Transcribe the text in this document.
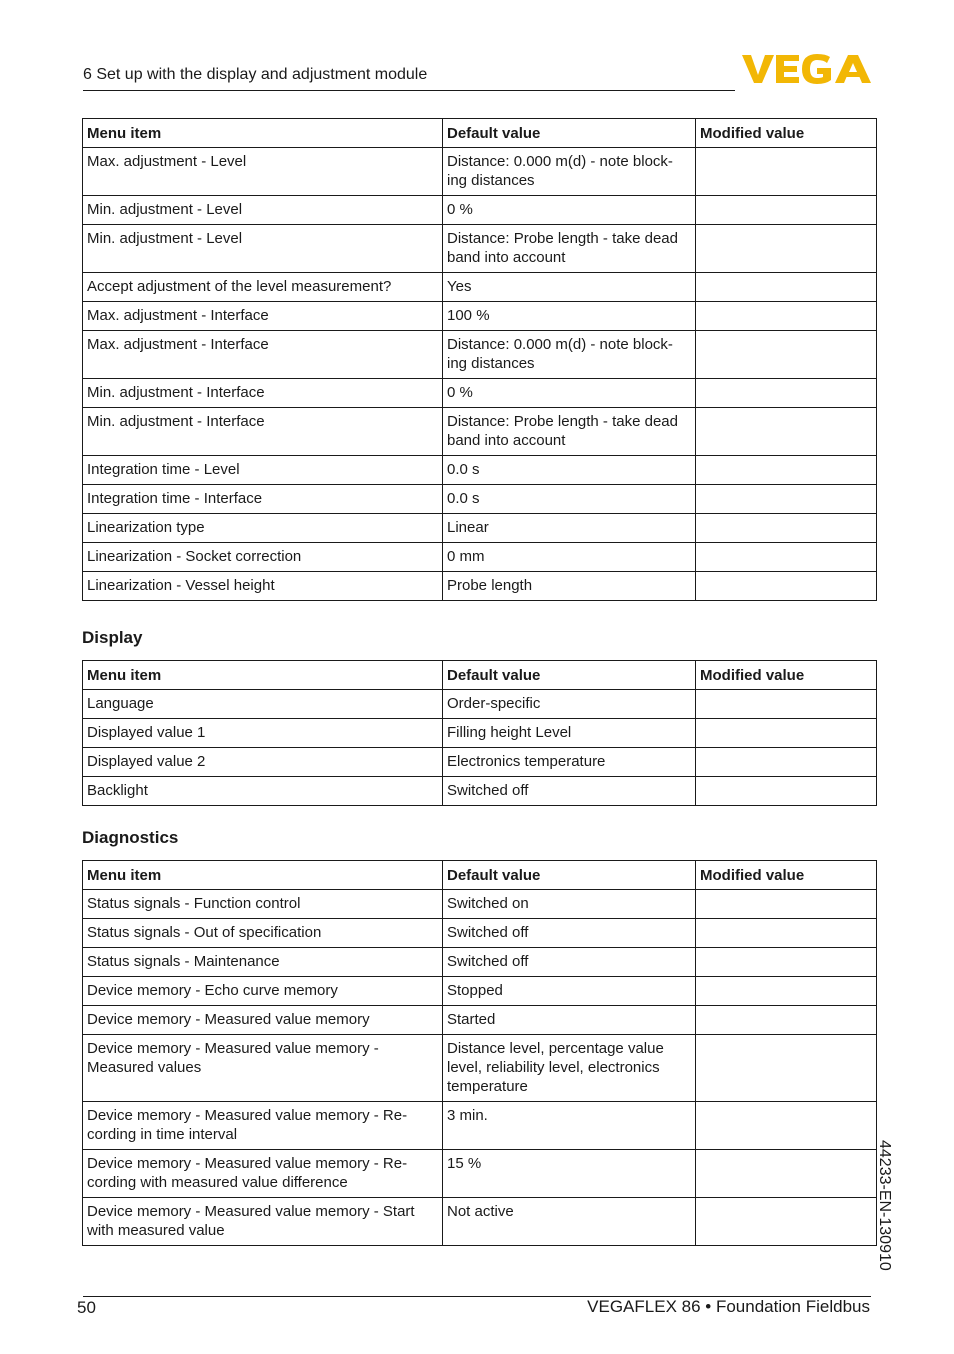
6 Set up with the display and adjustment module
Menu item	Default value	Modified value
Max. adjustment - Level	Distance: 0.000 m(d) - note block-
ing distances	
Min. adjustment - Level	0 %	
Min. adjustment - Level	Distance: Probe length - take dead
band into account	
Accept adjustment of the level measurement?	Yes	
Max. adjustment - Interface	100 %	
Max. adjustment - Interface	Distance: 0.000 m(d) - note block-
ing distances	
Min. adjustment - Interface	0 %	
Min. adjustment - Interface	Distance: Probe length - take dead
band into account	
Integration time - Level	0.0 s	
Integration time - Interface	0.0 s	
Linearization type	Linear	
Linearization - Socket correction	0 mm	
Linearization - Vessel height	Probe length	
Display
Menu item	Default value	Modified value
Language	Order-specific	
Displayed value 1	Filling height Level	
Displayed value 2	Electronics temperature	
Backlight	Switched off	
Diagnostics
Menu item	Default value	Modified value
Status signals - Function control	Switched on	
Status signals - Out of specification	Switched off	
Status signals - Maintenance	Switched off	
Device memory - Echo curve memory	Stopped	
Device memory - Measured value memory	Started	
Device memory - Measured value memory -
Measured values	Distance level, percentage value
level, reliability level, electronics
temperature	
Device memory - Measured value memory - Re-
cording in time interval	3 min.	
Device memory - Measured value memory - Re-
cording with measured value difference	15 %	
Device memory - Measured value memory - Start
with measured value	Not active		44233-EN-130910
50	VEGAFLEX 86 • Foundation Fieldbus
